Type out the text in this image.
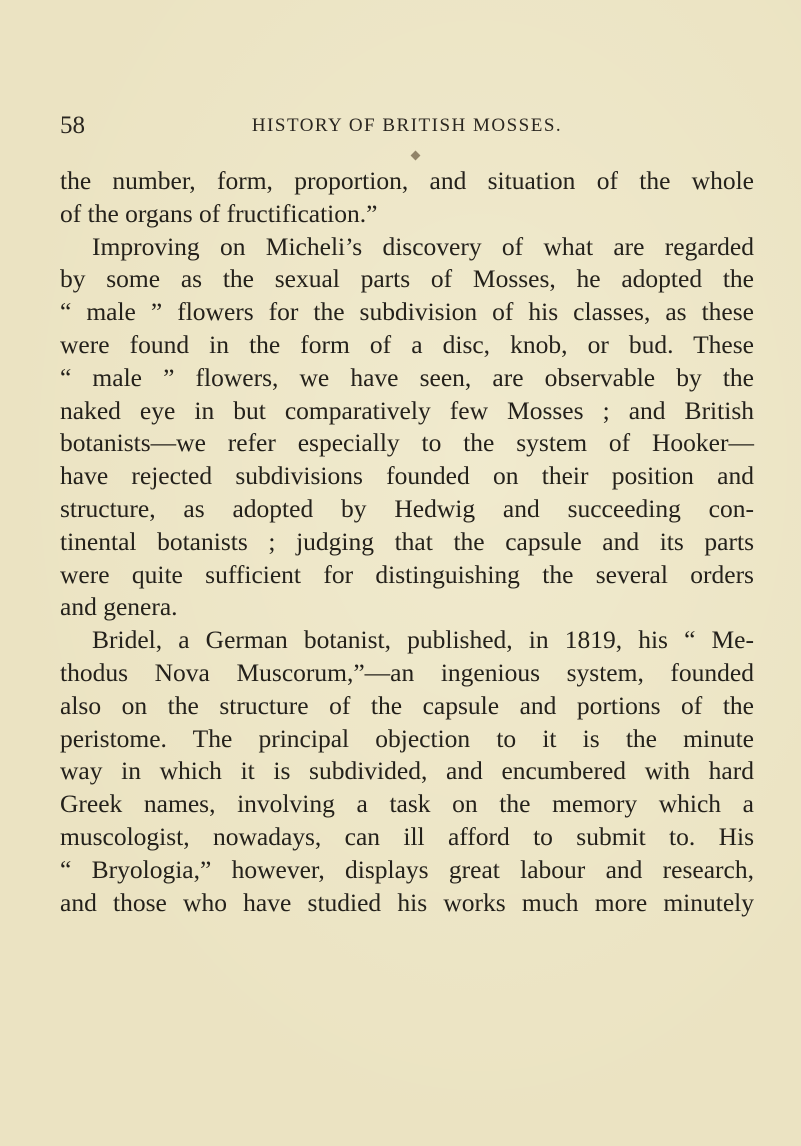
58	HISTORY OF BRITISH MOSSES.
the number, form, proportion, and situation of the whole
of the organs of fructification.”
Improving on Micheli’s discovery of what are regarded
by some as the sexual parts of Mosses, he adopted the
“ male ” flowers for the subdivision of his classes, as these
were found in the form of a disc, knob, or bud. These
“ male ” flowers, we have seen, are observable by the
naked eye in but comparatively few Mosses ; and British
botanists—we refer especially to the system of Hooker—
have rejected subdivisions founded on their position and
structure, as adopted by Hedwig and succeeding con-
tinental botanists ; judging that the capsule and its parts
were quite sufficient for distinguishing the several orders
and genera.
Bridel, a German botanist, published, in 1819, his “ Me-
thodus Nova Muscorum,”—an ingenious system, founded
also on the structure of the capsule and portions of the
peristome. The principal objection to it is the minute
way in which it is subdivided, and encumbered with hard
Greek names, involving a task on the memory which a
muscologist, nowadays, can ill afford to submit to. His
“ Bryologia,” however, displays great labour and research,
and those who have studied his works much more minutely
